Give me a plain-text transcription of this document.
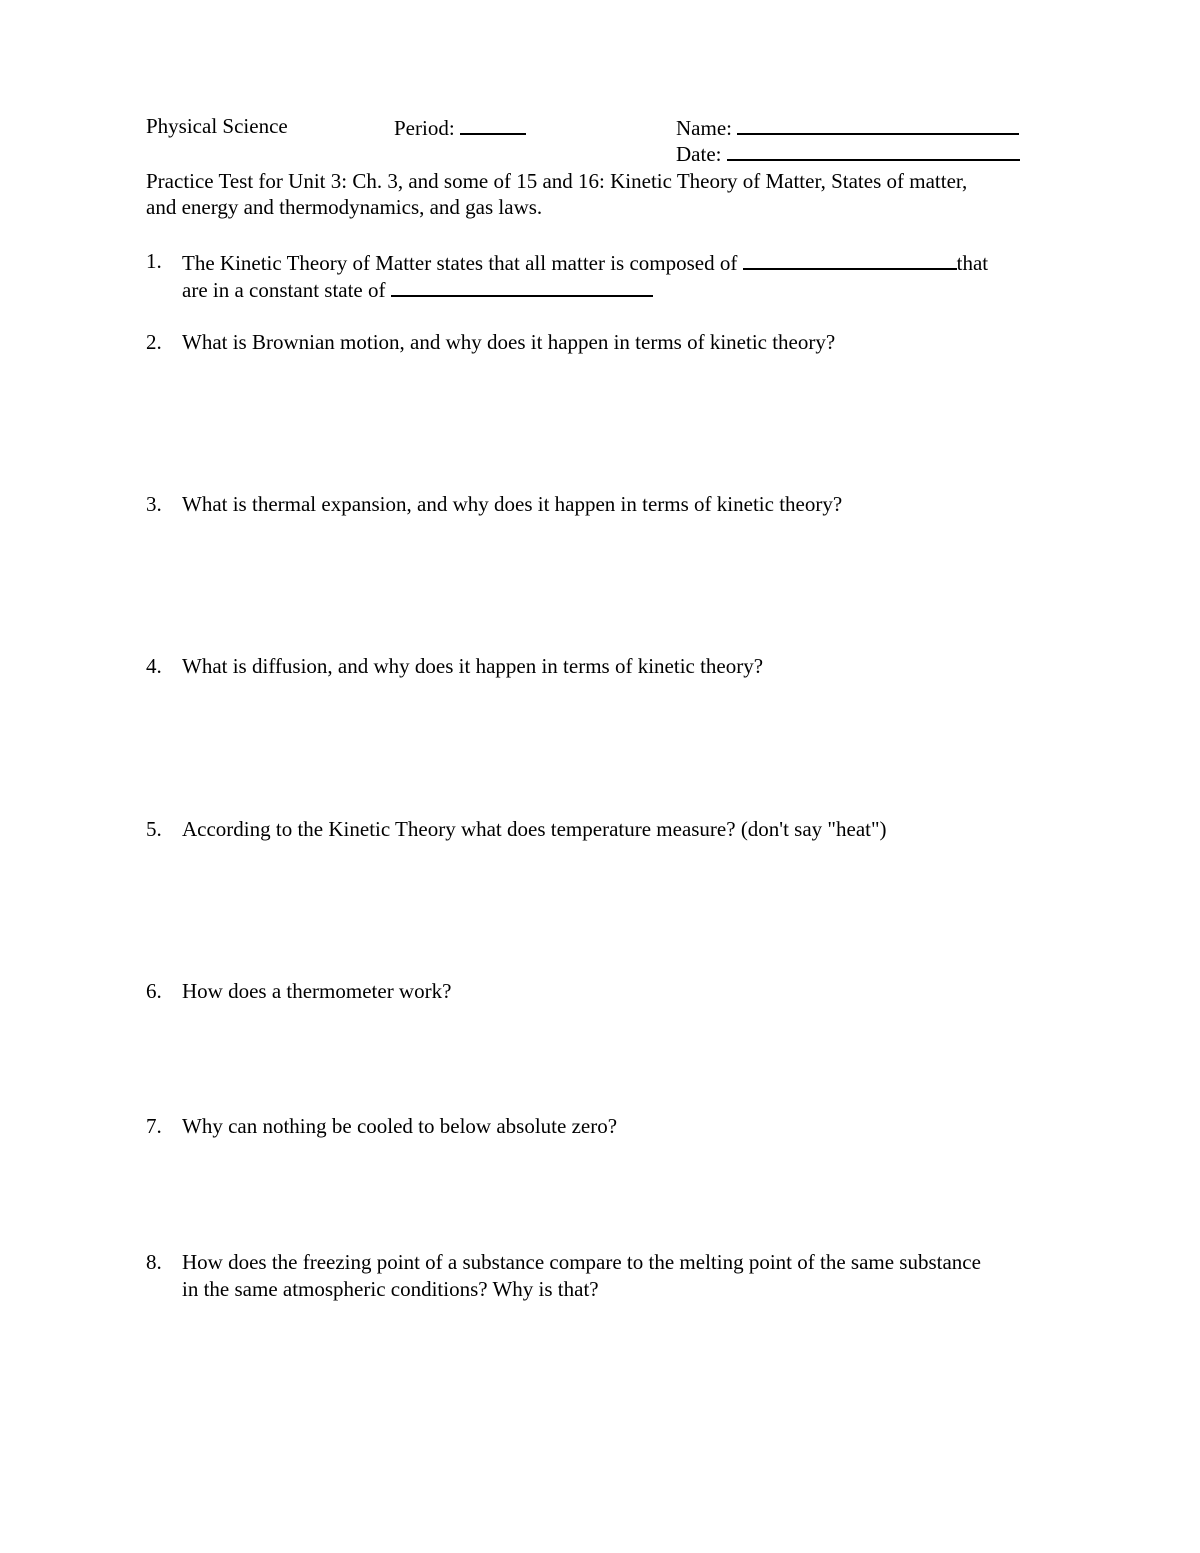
Physical Science	Period:	Name:
Date:
Practice Test for Unit 3: Ch. 3, and some of 15 and 16: Kinetic Theory of Matter, States of matter,
and energy and thermodynamics, and gas laws.
1. The Kinetic Theory of Matter states that all matter is composed of	that
are in a constant state of
2. What is Brownian motion, and why does it happen in terms of kinetic theory?
3. What is thermal expansion, and why does it happen in terms of kinetic theory?
4. What is diffusion, and why does it happen in terms of kinetic theory?
5. According to the Kinetic Theory what does temperature measure? (don't say "heat")
6. How does a thermometer work?
7. Why can nothing be cooled to below absolute zero?
8. How does the freezing point of a substance compare to the melting point of the same substance
in the same atmospheric conditions? Why is that?
